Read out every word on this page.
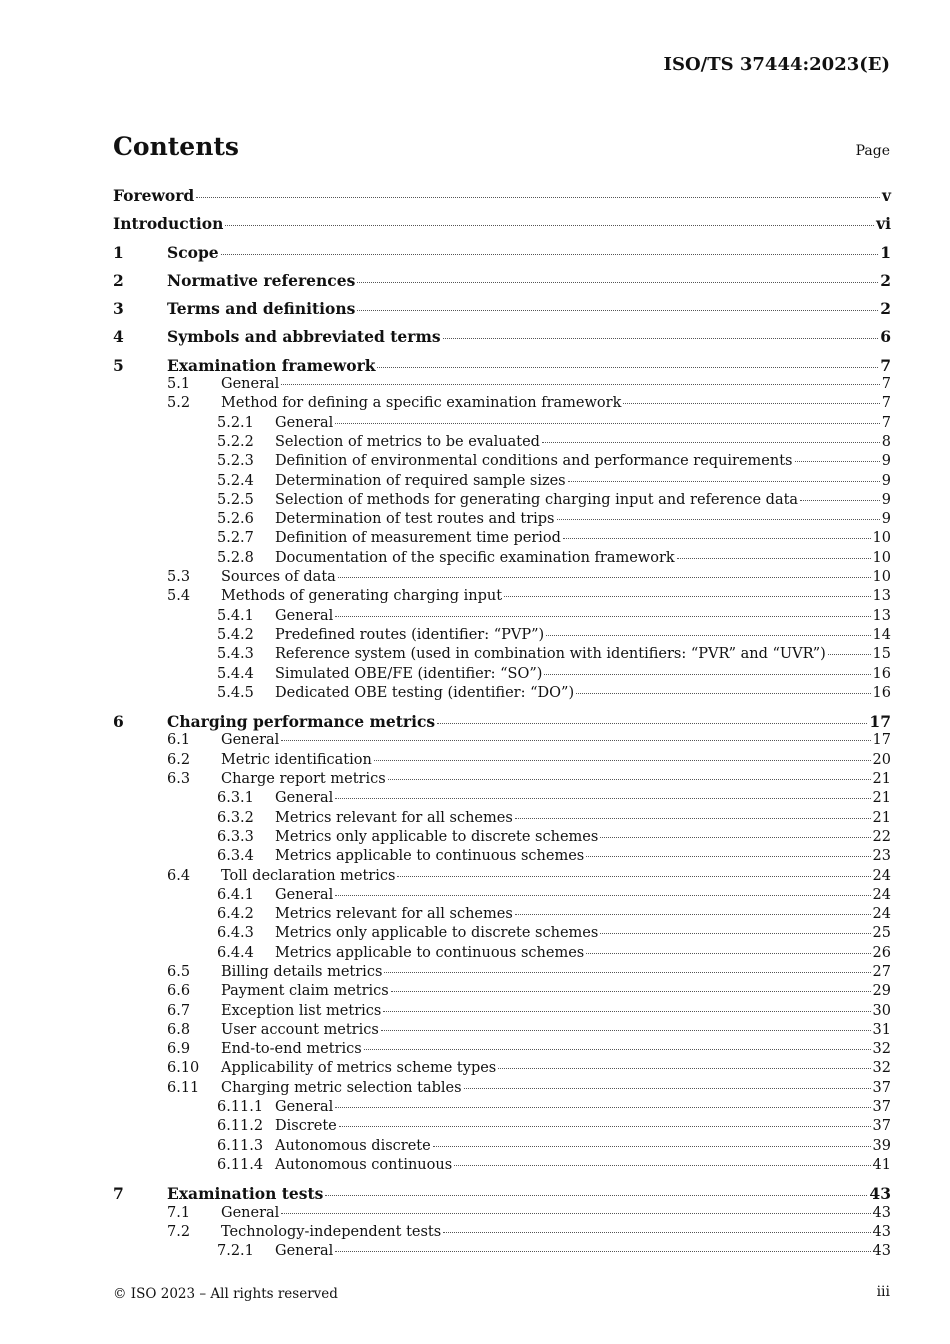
ISO/TS 37444:2023(E)
Contents	Page
Foreword	v
Introduction	vi
1	Scope	1
2	Normative references	2
3	Terms and definitions	2
4	Symbols and abbreviated terms	6
5	Examination framework	7
5.1	General	7
5.2	Method for defining a specific examination framework	7
5.2.1	General	7
5.2.2	Selection of metrics to be evaluated	8
5.2.3	Definition of environmental conditions and performance requirements	9
5.2.4	Determination of required sample sizes	9
5.2.5	Selection of methods for generating charging input and reference data	9
5.2.6	Determination of test routes and trips	9
5.2.7	Definition of measurement time period	10
5.2.8	Documentation of the specific examination framework	10
5.3	Sources of data	10
5.4	Methods of generating charging input	13
5.4.1	General	13
5.4.2	Predefined routes (identifier: “PVP”)	14
5.4.3	Reference system (used in combination with identifiers: “PVR” and “UVR”)	15
5.4.4	Simulated OBE/FE (identifier: “SO”)	16
5.4.5	Dedicated OBE testing (identifier: “DO”)	16
6	Charging performance metrics	17
6.1	General	17
6.2	Metric identification	20
6.3	Charge report metrics	21
6.3.1	General	21
6.3.2	Metrics relevant for all schemes	21
6.3.3	Metrics only applicable to discrete schemes	22
6.3.4	Metrics applicable to continuous schemes	23
6.4	Toll declaration metrics	24
6.4.1	General	24
6.4.2	Metrics relevant for all schemes	24
6.4.3	Metrics only applicable to discrete schemes	25
6.4.4	Metrics applicable to continuous schemes	26
6.5	Billing details metrics	27
6.6	Payment claim metrics	29
6.7	Exception list metrics	30
6.8	User account metrics	31
6.9	End-to-end metrics	32
6.10	Applicability of metrics scheme types	32
6.11	Charging metric selection tables	37
6.11.1 General	37
6.11.2 Discrete	37
6.11.3 Autonomous discrete	39
6.11.4 Autonomous continuous	41
7	Examination tests	43
7.1	General	43
7.2	Technology-independent tests	43
7.2.1	General	43
© ISO 2023 – All rights reserved	iii
